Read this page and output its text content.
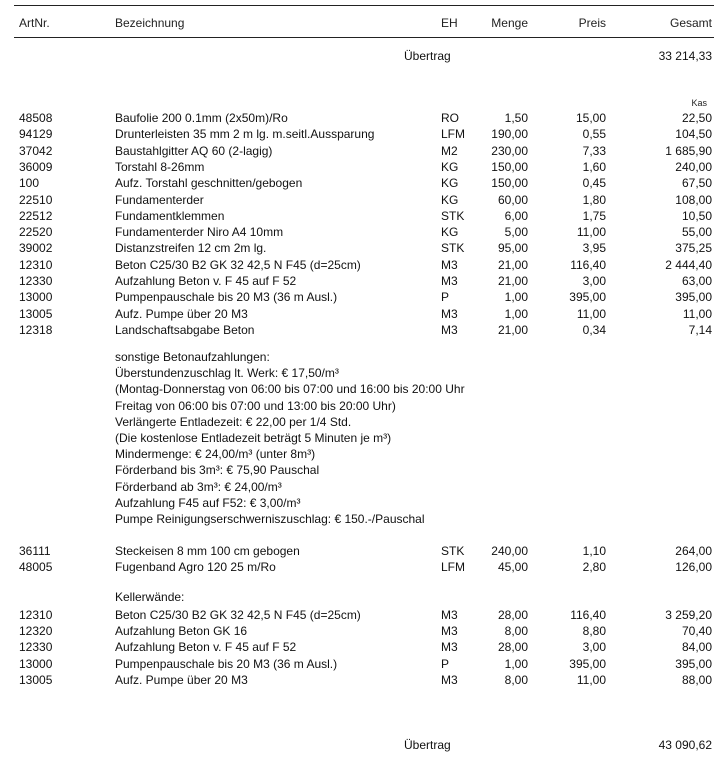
ArtNr.	Bezeichnung	EH	Menge	Preis	Gesamt
Übertrag	33 214,33
Kas
48508	Baufolie 200 0.1mm (2x50m)/Ro	RO	1,50	15,00	22,50
94129	Drunterleisten 35 mm 2 m lg. m.seitl.Aussparung	LFM 190,00	0,55	104,50
37042	Baustahlgitter AQ 60 (2-lagig)	M2	230,00	7,33	1 685,90
36009	Torstahl 8-26mm	KG	150,00	1,60	240,00
100	Aufz. Torstahl geschnitten/gebogen	KG	150,00	0,45	67,50
22510	Fundamenterder	KG	60,00	1,80	108,00
22512	Fundamentklemmen	STK	6,00	1,75	10,50
22520	Fundamenterder Niro A4 10mm	KG	5,00	11,00	55,00
39002	Distanzstreifen 12 cm 2m lg.	STK	95,00	3,95	375,25
12310	Beton C25/30 B2 GK 32 42,5 N F45 (d=25cm)	M3	21,00	116,40	2 444,40
12330	Aufzahlung Beton v. F 45 auf F 52	M3	21,00	3,00	63,00
13000	Pumpenpauschale bis 20 M3 (36 m Ausl.)	P	1,00	395,00	395,00
13005	Aufz. Pumpe über 20 M3	M3	1,00	11,00	11,00
12318	Landschaftsabgabe Beton	M3	21,00	0,34	7,14
sonstige Betonaufzahlungen:
Überstundenzuschlag lt. Werk: € 17,50/m³
(Montag-Donnerstag von 06:00 bis 07:00 und 16:00 bis 20:00 Uhr
Freitag von 06:00 bis 07:00 und 13:00 bis 20:00 Uhr)
Verlängerte Entladezeit: € 22,00 per 1/4 Std.
(Die kostenlose Entladezeit beträgt 5 Minuten je m³)
Mindermenge: € 24,00/m³ (unter 8m³)
Förderband bis 3m³: € 75,90 Pauschal
Förderband ab 3m³: € 24,00/m³
Aufzahlung F45 auf F52: € 3,00/m³
Pumpe Reinigungserschwerniszuschlag: € 150.-/Pauschal
36111	Steckeisen 8 mm 100 cm gebogen	STK 240,00	1,10	264,00
48005	Fugenband Agro 120 25 m/Ro	LFM	45,00	2,80	126,00
Kellerwände:
12310	Beton C25/30 B2 GK 32 42,5 N F45 (d=25cm)	M3	28,00	116,40	3 259,20
12320	Aufzahlung Beton GK 16	M3	8,00	8,80	70,40
12330	Aufzahlung Beton v. F 45 auf F 52	M3	28,00	3,00	84,00
13000	Pumpenpauschale bis 20 M3 (36 m Ausl.)	P	1,00	395,00	395,00
13005	Aufz. Pumpe über 20 M3	M3	8,00	11,00	88,00
Übertrag	43 090,62
